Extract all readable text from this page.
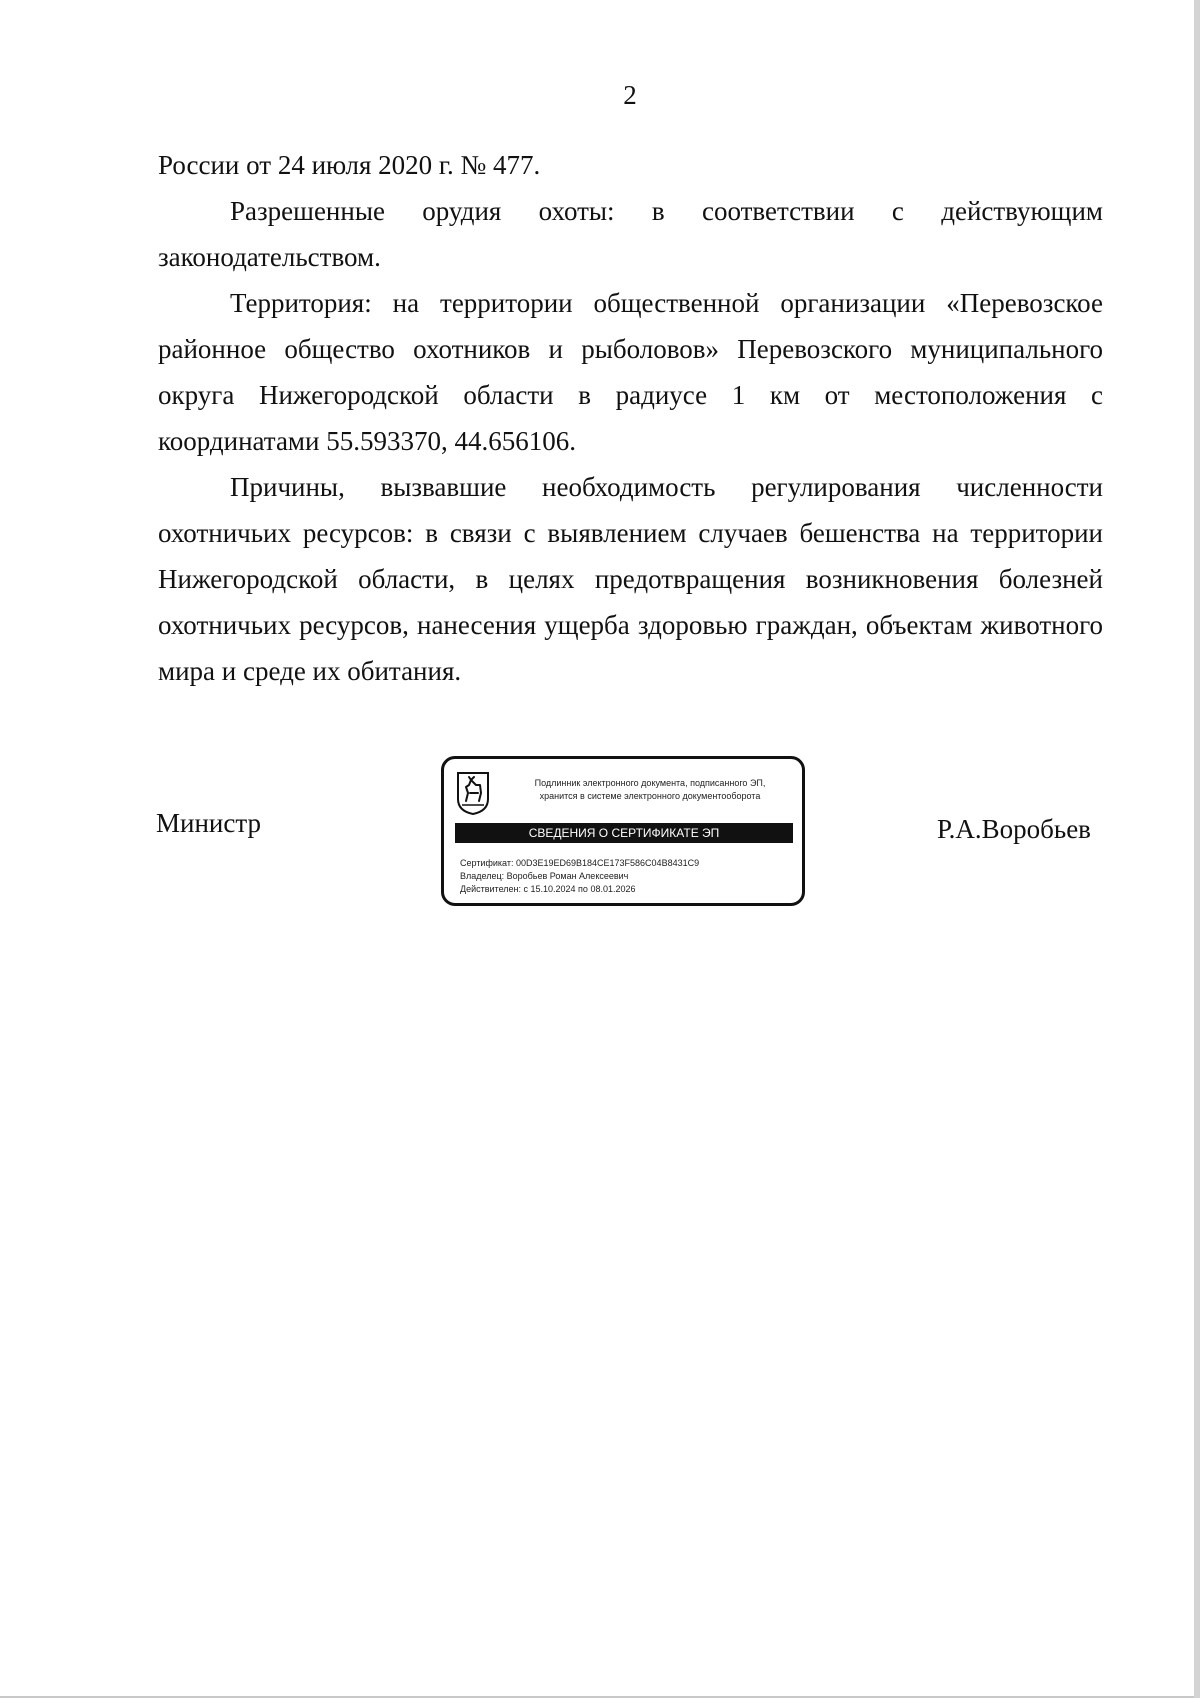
2

России от 24 июля 2020 г. № 477.

Разрешенные орудия охоты: в соответствии с действующим законодательством.

Территория: на территории общественной организации «Перевозское районное общество охотников и рыболовов» Перевозского муниципального округа Нижегородской области в радиусе 1 км от местоположения с координатами 55.593370, 44.656106.

Причины, вызвавшие необходимость регулирования численности охотничьих ресурсов: в связи с выявлением случаев бешенства на территории Нижегородской области, в целях предотвращения возникновения болезней охотничьих ресурсов, нанесения ущерба здоровью граждан, объектам животного мира и среде их обитания.

Министр
Подлинник электронного документа, подписанного ЭП,
хранится в системе электронного документооборота
СВЕДЕНИЯ О СЕРТИФИКАТЕ ЭП
Сертификат: 00D3E19ED69B184CE173F586C04B8431C9
Владелец: Воробьев Роман Алексеевич
Действителен: с 15.10.2024 по 08.01.2026
Р.А.Воробьев
